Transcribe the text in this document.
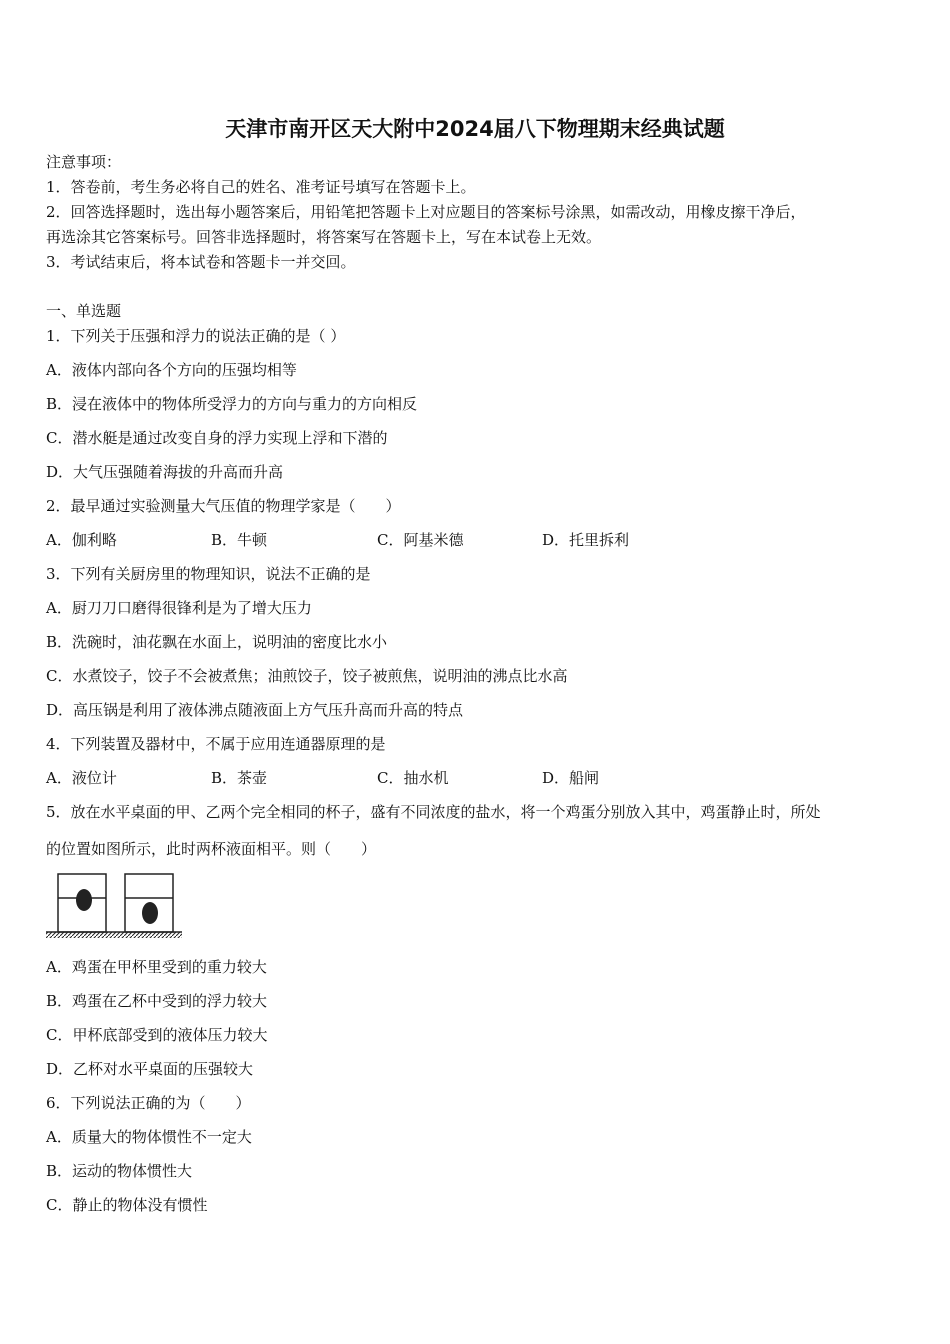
天津市南开区天大附中2024届八下物理期末经典试题
注意事项：
1．答卷前，考生务必将自己的姓名、准考证号填写在答题卡上。
2．回答选择题时，选出每小题答案后，用铅笔把答题卡上对应题目的答案标号涂黑，如需改动，用橡皮擦干净后，
再选涂其它答案标号。回答非选择题时，将答案写在答题卡上，写在本试卷上无效。
3．考试结束后，将本试卷和答题卡一并交回。
一、单选题
1．下列关于压强和浮力的说法正确的是（ ）
A．液体内部向各个方向的压强均相等
B．浸在液体中的物体所受浮力的方向与重力的方向相反
C．潜水艇是通过改变自身的浮力实现上浮和下潜的
D．大气压强随着海拔的升高而升高
2．最早通过实验测量大气压值的物理学家是（　　）
A．伽利略	B．牛顿	C．阿基米德	D．托里拆利
3．下列有关厨房里的物理知识，说法不正确的是
A．厨刀刀口磨得很锋利是为了增大压力
B．洗碗时，油花飘在水面上，说明油的密度比水小
C．水煮饺子，饺子不会被煮焦；油煎饺子，饺子被煎焦，说明油的沸点比水高
D．高压锅是利用了液体沸点随液面上方气压升高而升高的特点
4．下列装置及器材中，不属于应用连通器原理的是
A．液位计	B．茶壶	C．抽水机	D．船闸
5．放在水平桌面的甲、乙两个完全相同的杯子，盛有不同浓度的盐水，将一个鸡蛋分别放入其中，鸡蛋静止时，所处
的位置如图所示，此时两杯液面相平。则（　　）
A．鸡蛋在甲杯里受到的重力较大
B．鸡蛋在乙杯中受到的浮力较大
C．甲杯底部受到的液体压力较大
D．乙杯对水平桌面的压强较大
6．下列说法正确的为（　　）
A．质量大的物体惯性不一定大
B．运动的物体惯性大
C．静止的物体没有惯性
